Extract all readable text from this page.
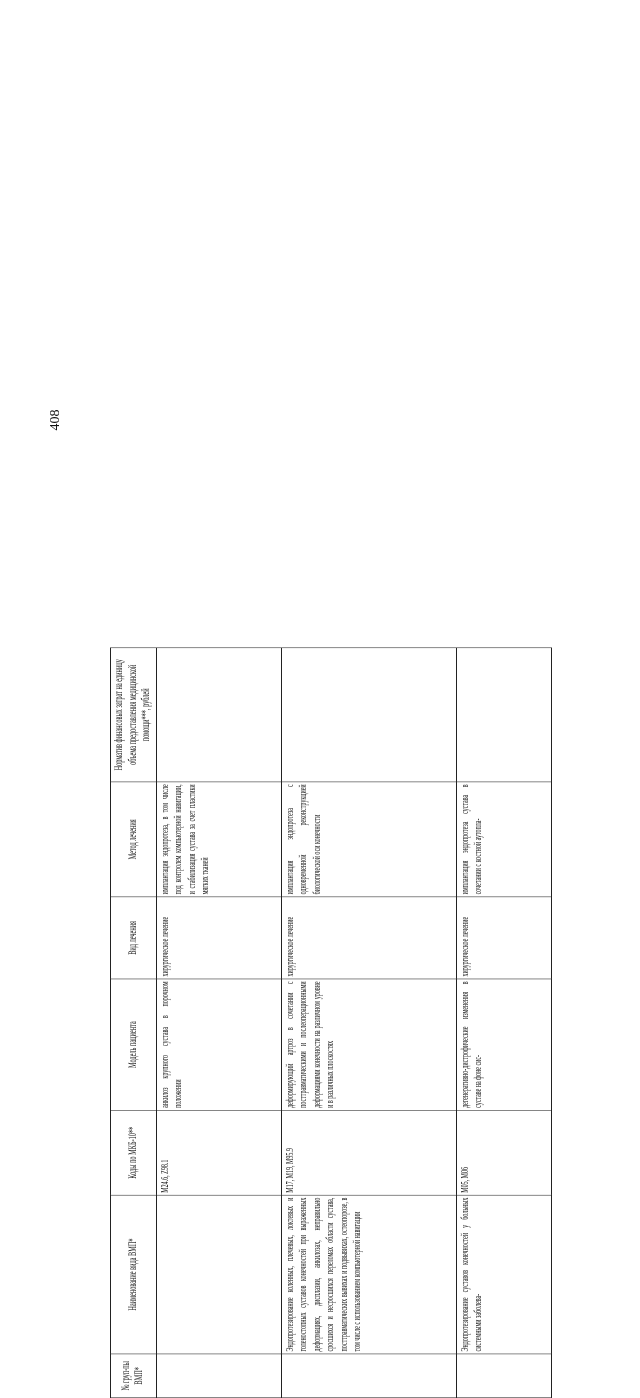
408
№ груп-пы ВМП*	Наименование вида ВМП*	Коды по МКБ-10**	Модель пациента	Вид лечения	Метод лечения	Норматив финансовых затрат на единицу объема предоставления медицинской помощи***, рублей
		M24.6, Z98.1	анкилоз крупного сустава в порочном положении	хирургическое лечение	имплантация эндопротеза, в том числе под контролем компьютерной навигации, и стабилизация сустава за счет пластики мягких тканей	
	Эндопротезирование коленных, плечевых, локтевых и голеностопных суставов конечностей при выраженных деформациях, дисплазии, анкилозах, неправильно сросшихся и несросшихся переломах области сустава, посттравматических вывихах и подвывихах, остеопорозе, в том числе с использованием компьютерной навигации	M17, M19, M95.9	деформирующий артроз в сочетании с посттравматическими и послеоперационными деформациями конечности на различном уровне и в различных плоскостях	хирургическое лечение	имплантация эндопротеза с одновременной реконструкцией биологической оси конечности	
	Эндопротезирование суставов конечностей у больных системными заболева-	M05, M06	дегенеративно-дистрофические изменения в суставе на фоне сис-	хирургическое лечение	имплантация эндопротеза сустава в сочетании с костной аутопла-	
